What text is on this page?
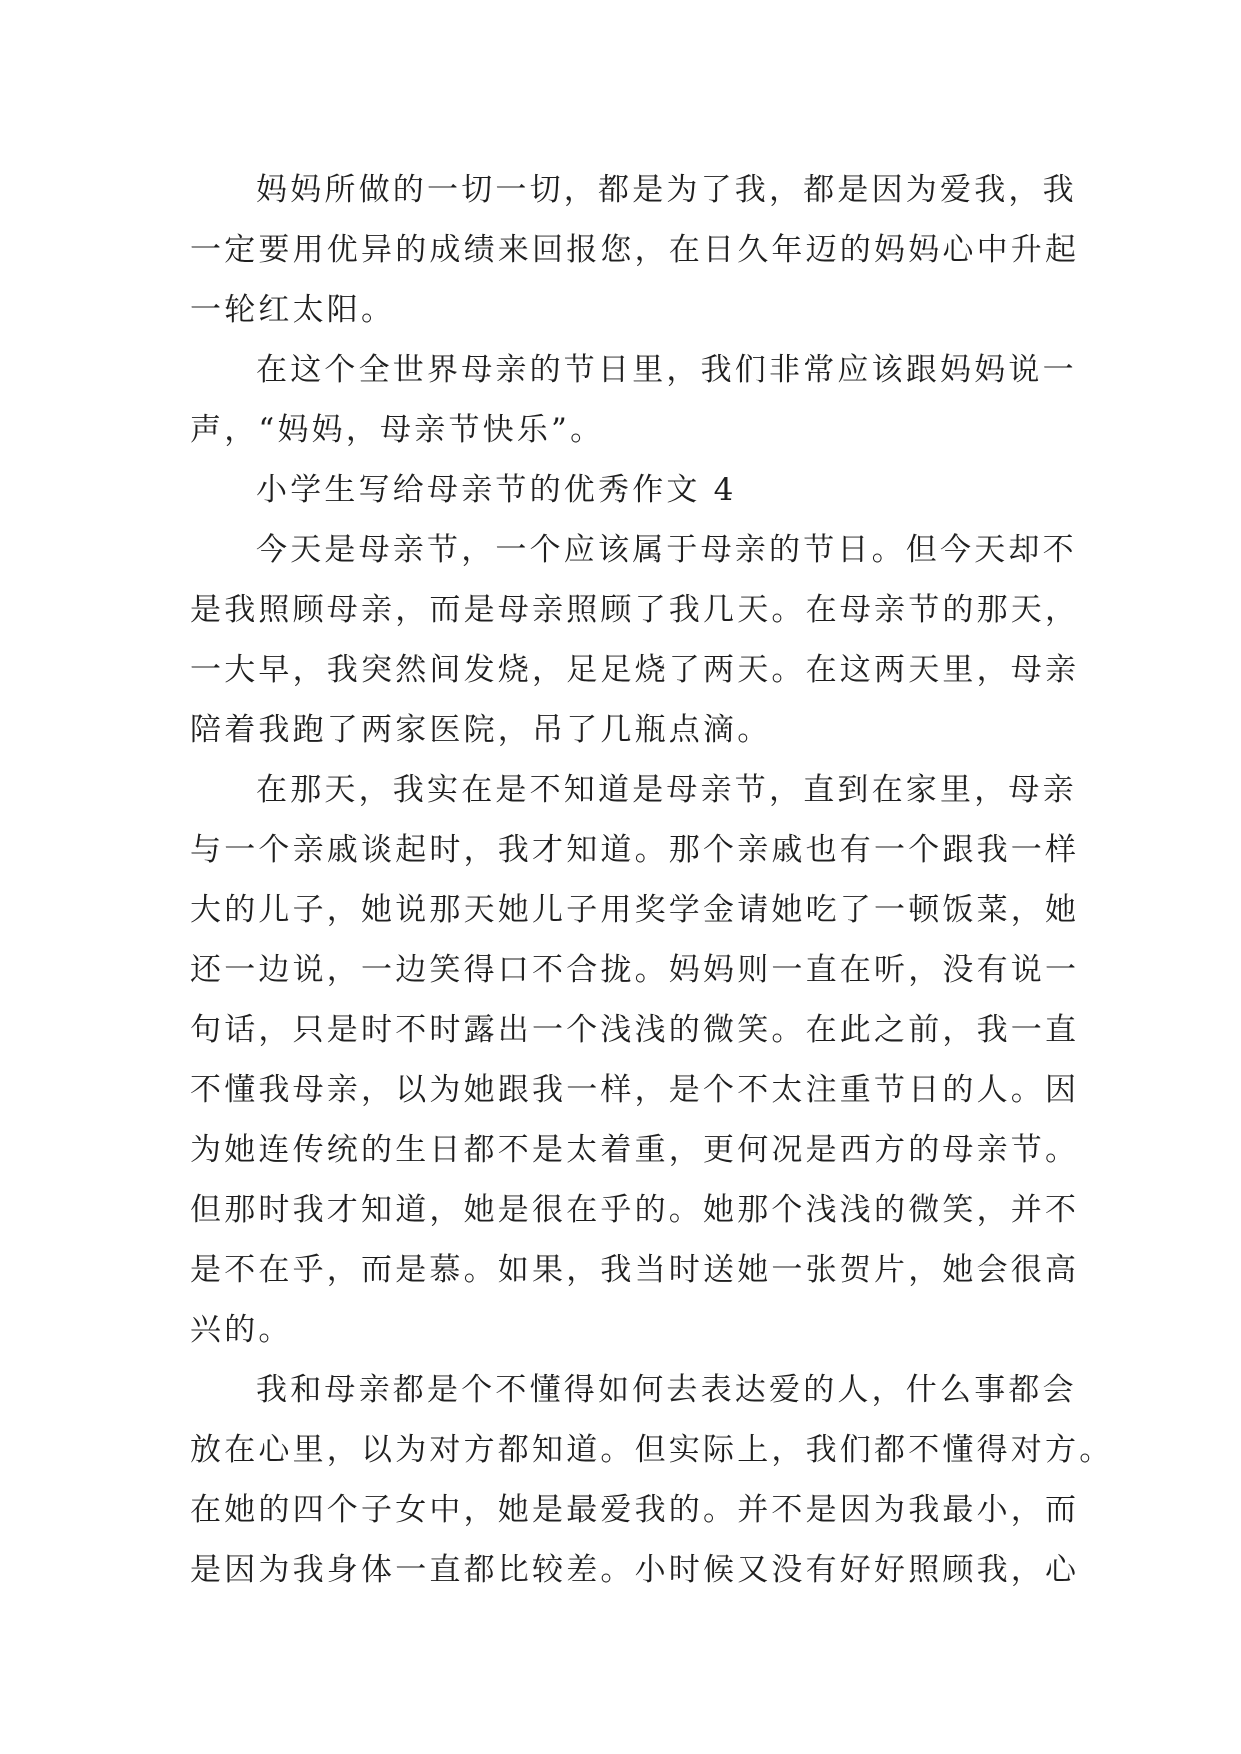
妈妈所做的一切一切，都是为了我，都是因为爱我，我
一定要用优异的成绩来回报您，在日久年迈的妈妈心中升起
一轮红太阳。
在这个全世界母亲的节日里，我们非常应该跟妈妈说一
声，“妈妈，母亲节快乐”。
小学生写给母亲节的优秀作文 4
今天是母亲节，一个应该属于母亲的节日。但今天却不
是我照顾母亲，而是母亲照顾了我几天。在母亲节的那天，
一大早，我突然间发烧，足足烧了两天。在这两天里，母亲
陪着我跑了两家医院，吊了几瓶点滴。
在那天，我实在是不知道是母亲节，直到在家里，母亲
与一个亲戚谈起时，我才知道。那个亲戚也有一个跟我一样
大的儿子，她说那天她儿子用奖学金请她吃了一顿饭菜，她
还一边说，一边笑得口不合拢。妈妈则一直在听，没有说一
句话，只是时不时露出一个浅浅的微笑。在此之前，我一直
不懂我母亲，以为她跟我一样，是个不太注重节日的人。因
为她连传统的生日都不是太着重，更何况是西方的母亲节。
但那时我才知道，她是很在乎的。她那个浅浅的微笑，并不
是不在乎，而是慕。如果，我当时送她一张贺片，她会很高
兴的。
我和母亲都是个不懂得如何去表达爱的人，什么事都会
放在心里，以为对方都知道。但实际上，我们都不懂得对方。
在她的四个子女中，她是最爱我的。并不是因为我最小，而
是因为我身体一直都比较差。小时候又没有好好照顾我，心
